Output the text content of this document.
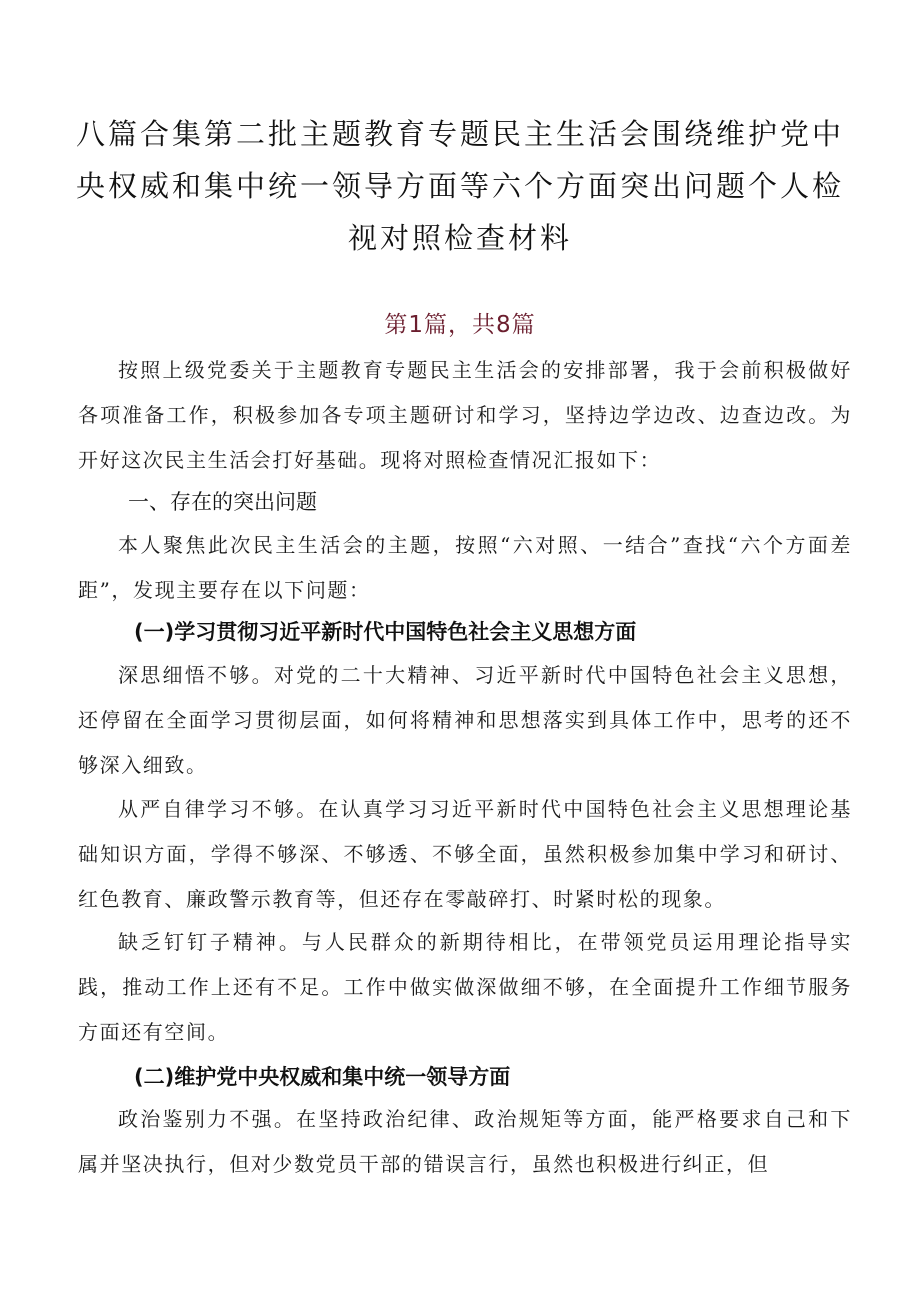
八篇合集第二批主题教育专题民主生活会围绕维护党中央权威和集中统一领导方面等六个方面突出问题个人检视对照检查材料
第1篇，共8篇

按照上级党委关于主题教育专题民主生活会的安排部署，我于会前积极做好各项准备工作，积极参加各专项主题研讨和学习，坚持边学边改、边查边改。为开好这次民主生活会打好基础。现将对照检查情况汇报如下：

一、存在的突出问题

本人聚焦此次民主生活会的主题，按照“六对照、一结合”查找“六个方面差距”，发现主要存在以下问题：

(一)学习贯彻习近平新时代中国特色社会主义思想方面

深思细悟不够。对党的二十大精神、习近平新时代中国特色社会主义思想，还停留在全面学习贯彻层面，如何将精神和思想落实到具体工作中，思考的还不够深入细致。

从严自律学习不够。在认真学习习近平新时代中国特色社会主义思想理论基础知识方面，学得不够深、不够透、不够全面，虽然积极参加集中学习和研讨、红色教育、廉政警示教育等，但还存在零敲碎打、时紧时松的现象。

缺乏钉钉子精神。与人民群众的新期待相比，在带领党员运用理论指导实践，推动工作上还有不足。工作中做实做深做细不够，在全面提升工作细节服务方面还有空间。

(二)维护党中央权威和集中统一领导方面

政治鉴别力不强。在坚持政治纪律、政治规矩等方面，能严格要求自己和下属并坚决执行，但对少数党员干部的错误言行，虽然也积极进行纠正，但
